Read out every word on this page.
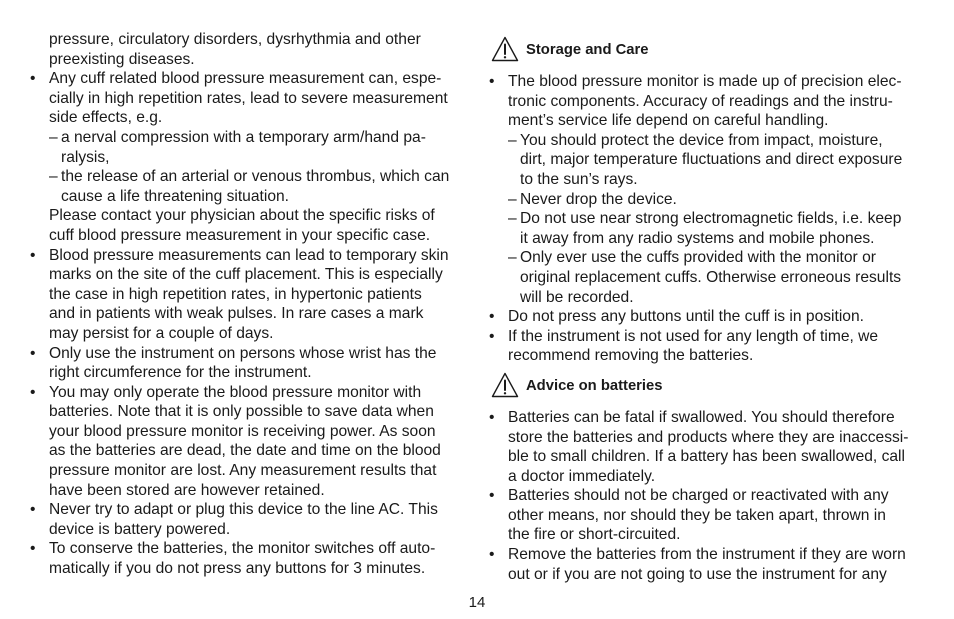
pressure, circulatory disorders, dysrhythmia and other
preexisting diseases.
• Any cuff related blood pressure measurement can, espe-
cially in high repetition rates, lead to severe measurement
side effects, e.g.
– a nerval compression with a temporary arm/hand pa-
ralysis,
– the release of an arterial or venous thrombus, which can
cause a life threatening situation.
Please contact your physician about the specific risks of
cuff blood pressure measurement in your specific case.
• Blood pressure measurements can lead to temporary skin
marks on the site of the cuff placement. This is especially
the case in high repetition rates, in hypertonic patients
and in patients with weak pulses. In rare cases a mark
may persist for a couple of days.
• Only use the instrument on persons whose wrist has the
right circumference for the instrument.
• You may only operate the blood pressure monitor with
batteries. Note that it is only possible to save data when
your blood pressure monitor is receiving power. As soon
as the batteries are dead, the date and time on the blood
pressure monitor are lost. Any measurement results that
have been stored are however retained.
• Never try to adapt or plug this device to the line AC. This
device is battery powered.
• To conserve the batteries, the monitor switches off auto-
matically if you do not press any buttons for 3 minutes.
Storage and Care
• The blood pressure monitor is made up of precision elec-
tronic components. Accuracy of readings and the instru-
ment’s service life depend on careful handling.
– You should protect the device from impact, moisture,
dirt, major temperature fluctuations and direct exposure
to the sun’s rays.
– Never drop the device.
– Do not use near strong electromagnetic fields, i.e. keep
it away from any radio systems and mobile phones.
– Only ever use the cuffs provided with the monitor or
original replacement cuffs. Otherwise erroneous results
will be recorded.
• Do not press any buttons until the cuff is in position.
• If the instrument is not used for any length of time, we
recommend removing the batteries.
Advice on batteries
• Batteries can be fatal if swallowed. You should therefore
store the batteries and products where they are inaccessi-
ble to small children. If a battery has been swallowed, call
a doctor immediately.
• Batteries should not be charged or reactivated with any
other means, nor should they be taken apart, thrown in
the fire or short-circuited.
• Remove the batteries from the instrument if they are worn
out or if you are not going to use the instrument for any
14
